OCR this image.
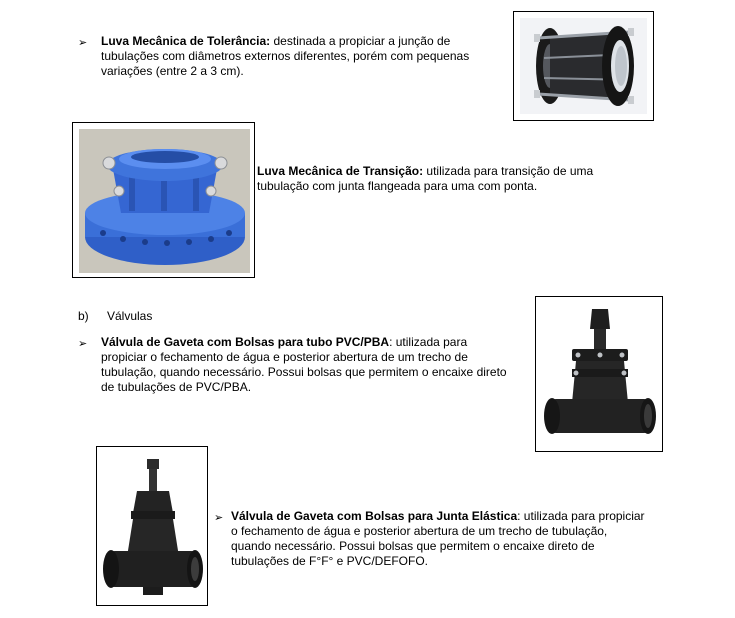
➢ Luva Mecânica de Tolerância: destinada a propiciar a junção de
tubulações com diâmetros externos diferentes, porém com pequenas
variações (entre 2 a 3 cm).
Luva Mecânica de Transição: utilizada para transição de uma
tubulação com junta flangeada para uma com ponta.
b) Válvulas
➢ Válvula de Gaveta com Bolsas para tubo PVC/PBA: utilizada para
propiciar o fechamento de água e posterior abertura de um trecho de
tubulação, quando necessário. Possui bolsas que permitem o encaixe direto
de tubulações de PVC/PBA.
➢ Válvula de Gaveta com Bolsas para Junta Elástica: utilizada para propiciar
o fechamento de água e posterior abertura de um trecho de tubulação,
quando necessário. Possui bolsas que permitem o encaixe direto de
tubulações de F°F° e PVC/DEFOFO.
